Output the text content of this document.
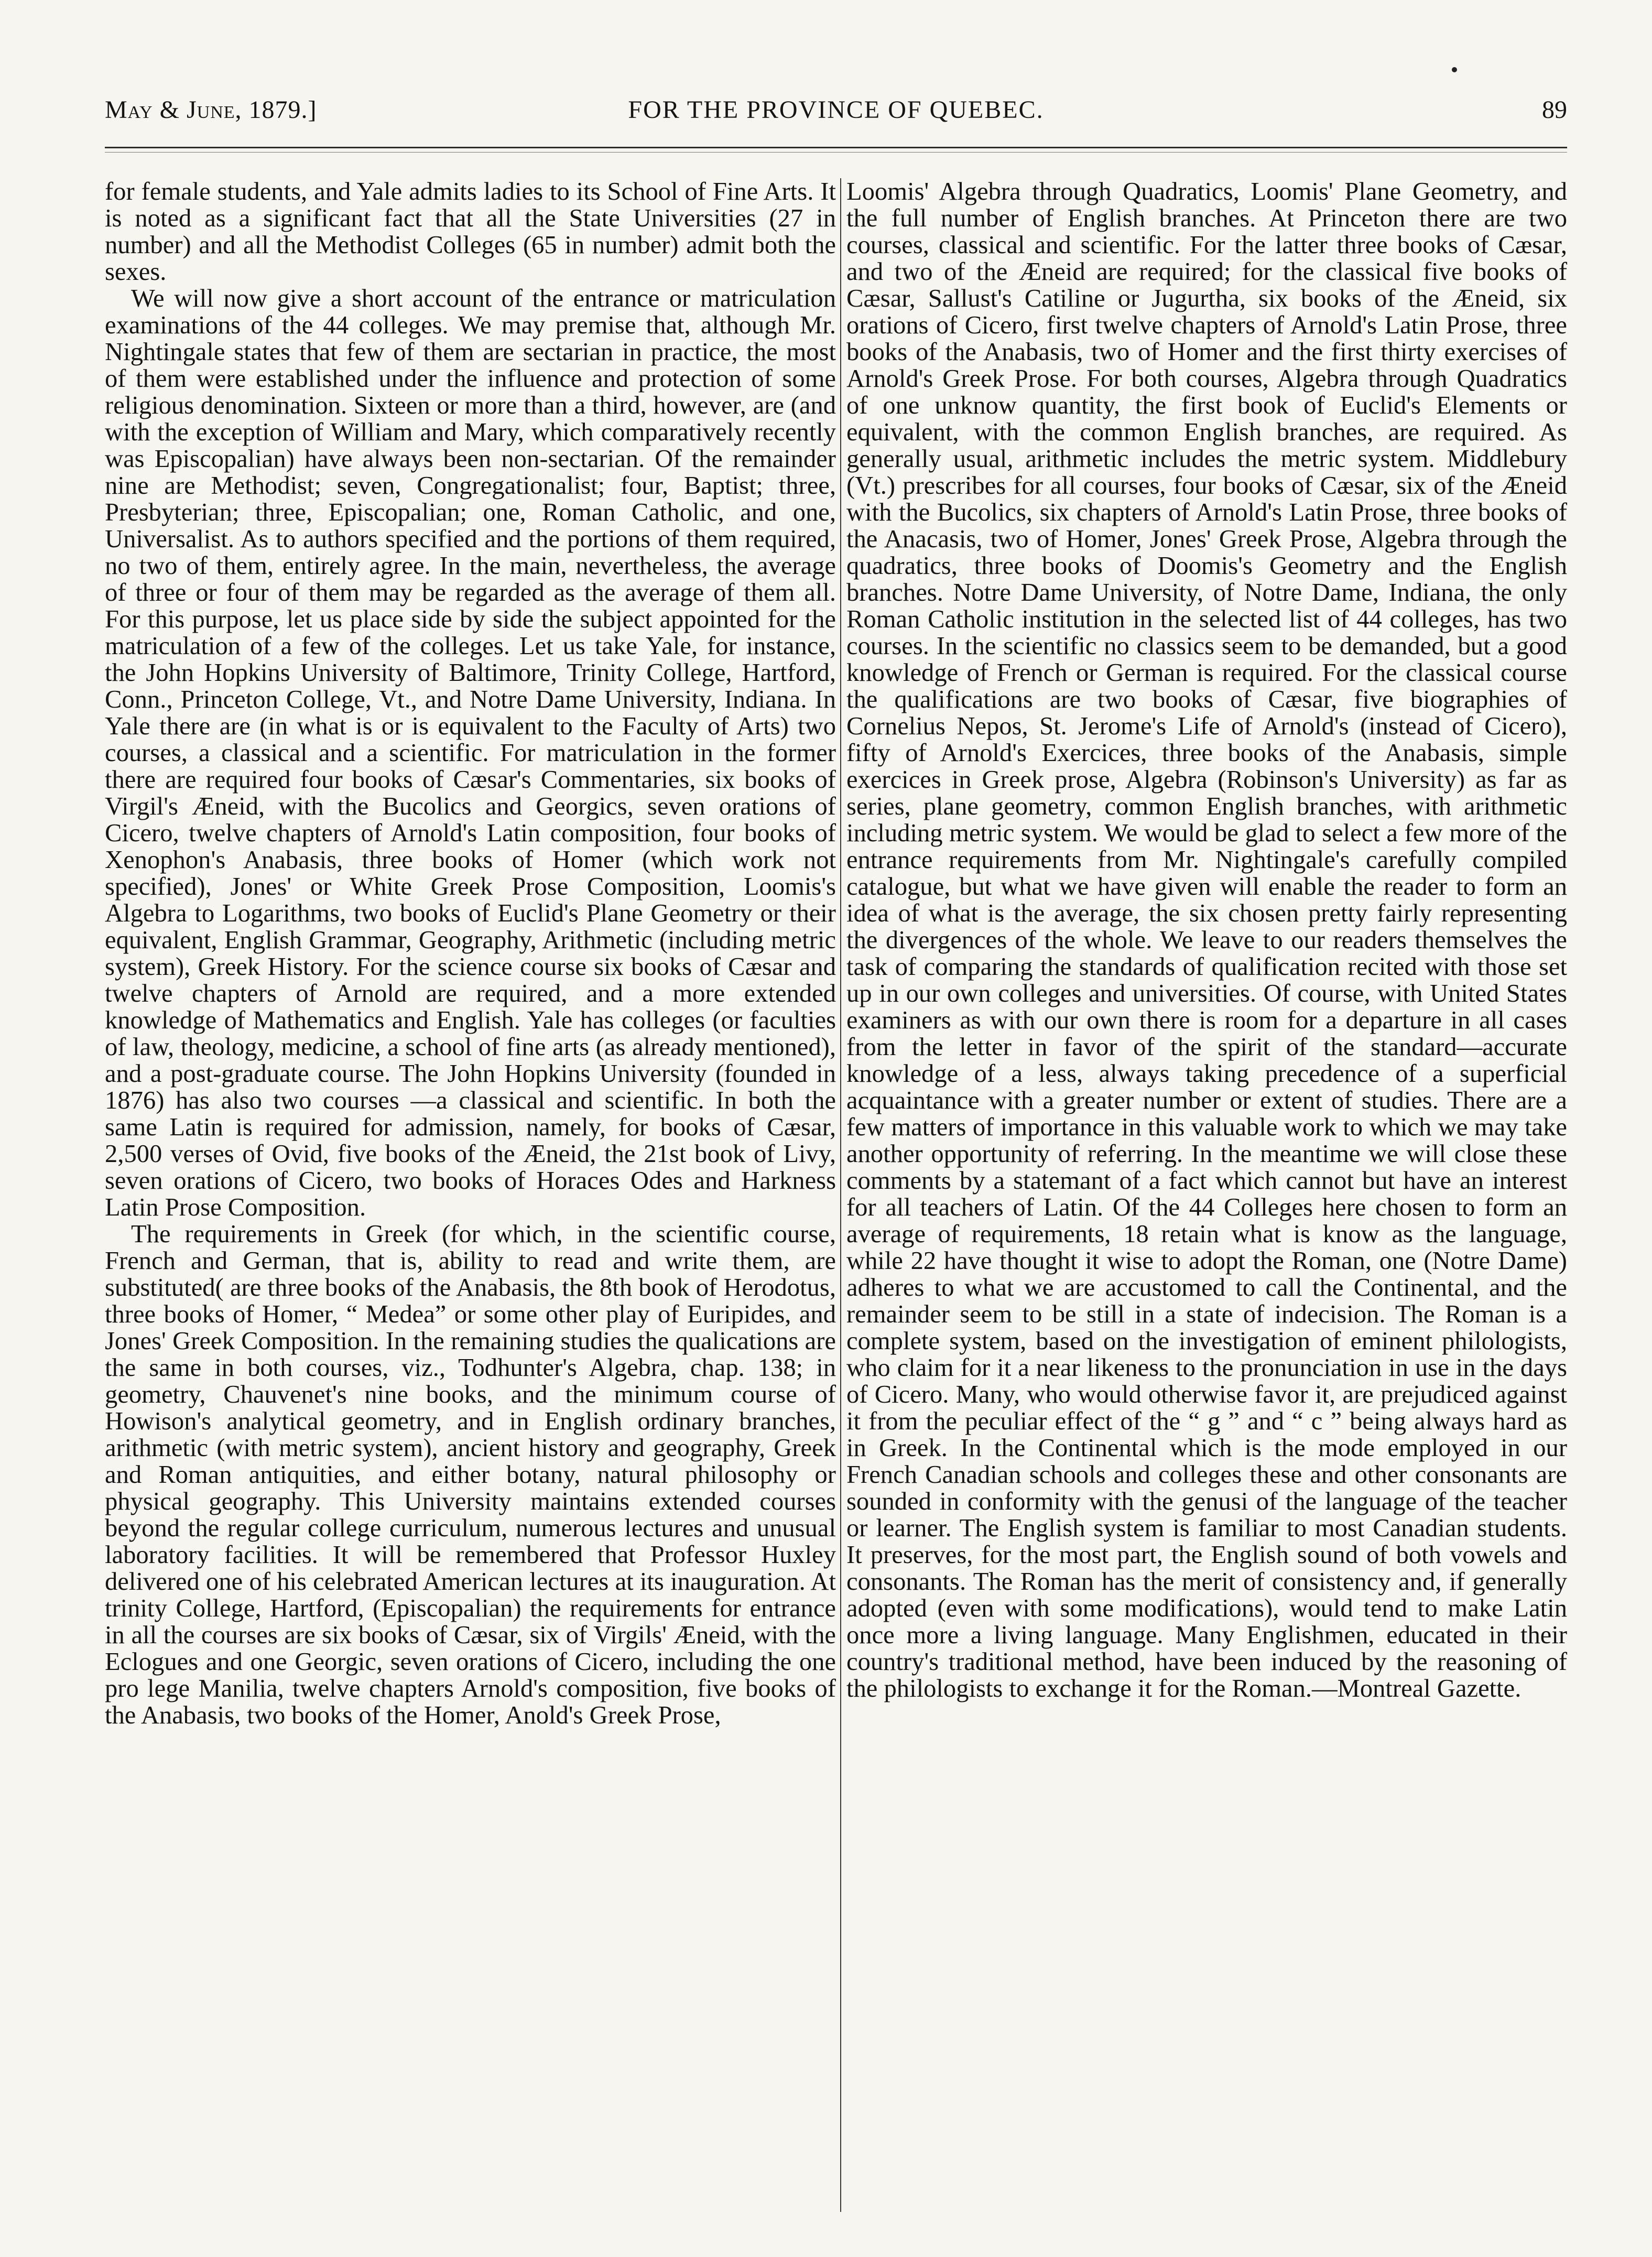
May & June, 1879.]	FOR THE PROVINCE OF QUEBEC.	89

for female students, and Yale admits ladies to its School of Fine Arts. It is noted as a significant fact that all the State Universities (27 in number) and all the Methodist Colleges (65 in number) admit both the sexes.

We will now give a short account of the entrance or matriculation examinations of the 44 colleges. We may premise that, although Mr. Nightingale states that few of them are sectarian in practice, the most of them were established under the influence and protection of some religious denomination. Sixteen or more than a third, however, are (and with the exception of William and Mary, which comparatively recently was Episcopalian) have always been non-sectarian. Of the remainder nine are Methodist; seven, Congregationalist; four, Baptist; three, Presbyterian; three, Episcopalian; one, Roman Catholic, and one, Universalist. As to authors specified and the portions of them required, no two of them, entirely agree. In the main, nevertheless, the average of three or four of them may be regarded as the average of them all. For this purpose, let us place side by side the subject appointed for the matriculation of a few of the colleges. Let us take Yale, for instance, the John Hopkins University of Baltimore, Trinity College, Hartford, Conn., Princeton College, Vt., and Notre Dame University, Indiana. In Yale there are (in what is or is equivalent to the Faculty of Arts) two courses, a classical and a scientific. For matriculation in the former there are required four books of Cæsar's Commentaries, six books of Virgil's Æneid, with the Bucolics and Georgics, seven orations of Cicero, twelve chapters of Arnold's Latin composition, four books of Xenophon's Anabasis, three books of Homer (which work not specified), Jones' or White Greek Prose Composition, Loomis's Algebra to Logarithms, two books of Euclid's Plane Geometry or their equivalent, English Grammar, Geography, Arithmetic (including metric system), Greek History. For the science course six books of Cæsar and twelve chapters of Arnold are required, and a more extended knowledge of Mathematics and English. Yale has colleges (or faculties of law, theology, medicine, a school of fine arts (as already mentioned), and a post-graduate course. The John Hopkins University (founded in 1876) has also two courses —a classical and scientific. In both the same Latin is required for admission, namely, for books of Cæsar, 2,500 verses of Ovid, five books of the Æneid, the 21st book of Livy, seven orations of Cicero, two books of Horaces Odes and Harkness Latin Prose Composition.

The requirements in Greek (for which, in the scientific course, French and German, that is, ability to read and write them, are substituted( are three books of the Anabasis, the 8th book of Herodotus, three books of Homer, “ Medea” or some other play of Euripides, and Jones' Greek Composition. In the remaining studies the qualications are the same in both courses, viz., Todhunter's Algebra, chap. 138; in geometry, Chauvenet's nine books, and the minimum course of Howison's analytical geometry, and in English ordinary branches, arithmetic (with metric system), ancient history and geography, Greek and Roman antiquities, and either botany, natural philosophy or physical geography. This University maintains extended courses beyond the regular college curriculum, numerous lectures and unusual laboratory facilities. It will be remembered that Professor Huxley delivered one of his celebrated American lectures at its inauguration. At trinity College, Hartford, (Episcopalian) the requirements for entrance in all the courses are six books of Cæsar, six of Virgils' Æneid, with the Eclogues and one Georgic, seven orations of Cicero, including the one pro lege Manilia, twelve chapters Arnold's composition, five books of the Anabasis, two books of the Homer, Anold's Greek Prose,

Loomis' Algebra through Quadratics, Loomis' Plane Geometry, and the full number of English branches. At Princeton there are two courses, classical and scientific. For the latter three books of Cæsar, and two of the Æneid are required; for the classical five books of Cæsar, Sallust's Catiline or Jugurtha, six books of the Æneid, six orations of Cicero, first twelve chapters of Arnold's Latin Prose, three books of the Anabasis, two of Homer and the first thirty exercises of Arnold's Greek Prose. For both courses, Algebra through Quadratics of one unknow quantity, the first book of Euclid's Elements or equivalent, with the common English branches, are required. As generally usual, arithmetic includes the metric system. Middlebury (Vt.) prescribes for all courses, four books of Cæsar, six of the Æneid with the Bucolics, six chapters of Arnold's Latin Prose, three books of the Anacasis, two of Homer, Jones' Greek Prose, Algebra through the quadratics, three books of Doomis's Geometry and the English branches. Notre Dame University, of Notre Dame, Indiana, the only Roman Catholic institution in the selected list of 44 colleges, has two courses. In the scientific no classics seem to be demanded, but a good knowledge of French or German is required. For the classical course the qualifications are two books of Cæsar, five biographies of Cornelius Nepos, St. Jerome's Life of Arnold's (instead of Cicero), fifty of Arnold's Exercices, three books of the Anabasis, simple exercices in Greek prose, Algebra (Robinson's University) as far as series, plane geometry, common English branches, with arithmetic including metric system. We would be glad to select a few more of the entrance requirements from Mr. Nightingale's carefully compiled catalogue, but what we have given will enable the reader to form an idea of what is the average, the six chosen pretty fairly representing the divergences of the whole. We leave to our readers themselves the task of comparing the standards of qualification recited with those set up in our own colleges and universities. Of course, with United States examiners as with our own there is room for a departure in all cases from the letter in favor of the spirit of the standard—accurate knowledge of a less, always taking precedence of a superficial acquaintance with a greater number or extent of studies. There are a few matters of importance in this valuable work to which we may take another opportunity of referring. In the meantime we will close these comments by a statemant of a fact which cannot but have an interest for all teachers of Latin. Of the 44 Colleges here chosen to form an average of requirements, 18 retain what is know as the language, while 22 have thought it wise to adopt the Roman, one (Notre Dame) adheres to what we are accustomed to call the Continental, and the remainder seem to be still in a state of indecision. The Roman is a complete system, based on the investigation of eminent philologists, who claim for it a near likeness to the pronunciation in use in the days of Cicero. Many, who would otherwise favor it, are prejudiced against it from the peculiar effect of the “ g ” and “ c ” being always hard as in Greek. In the Continental which is the mode employed in our French Canadian schools and colleges these and other consonants are sounded in conformity with the genusi of the language of the teacher or learner. The English system is familiar to most Canadian students. It preserves, for the most part, the English sound of both vowels and consonants. The Roman has the merit of consistency and, if generally adopted (even with some modifications), would tend to make Latin once more a living language. Many Englishmen, educated in their country's traditional method, have been induced by the reasoning of the philologists to exchange it for the Roman.—Montreal Gazette.
